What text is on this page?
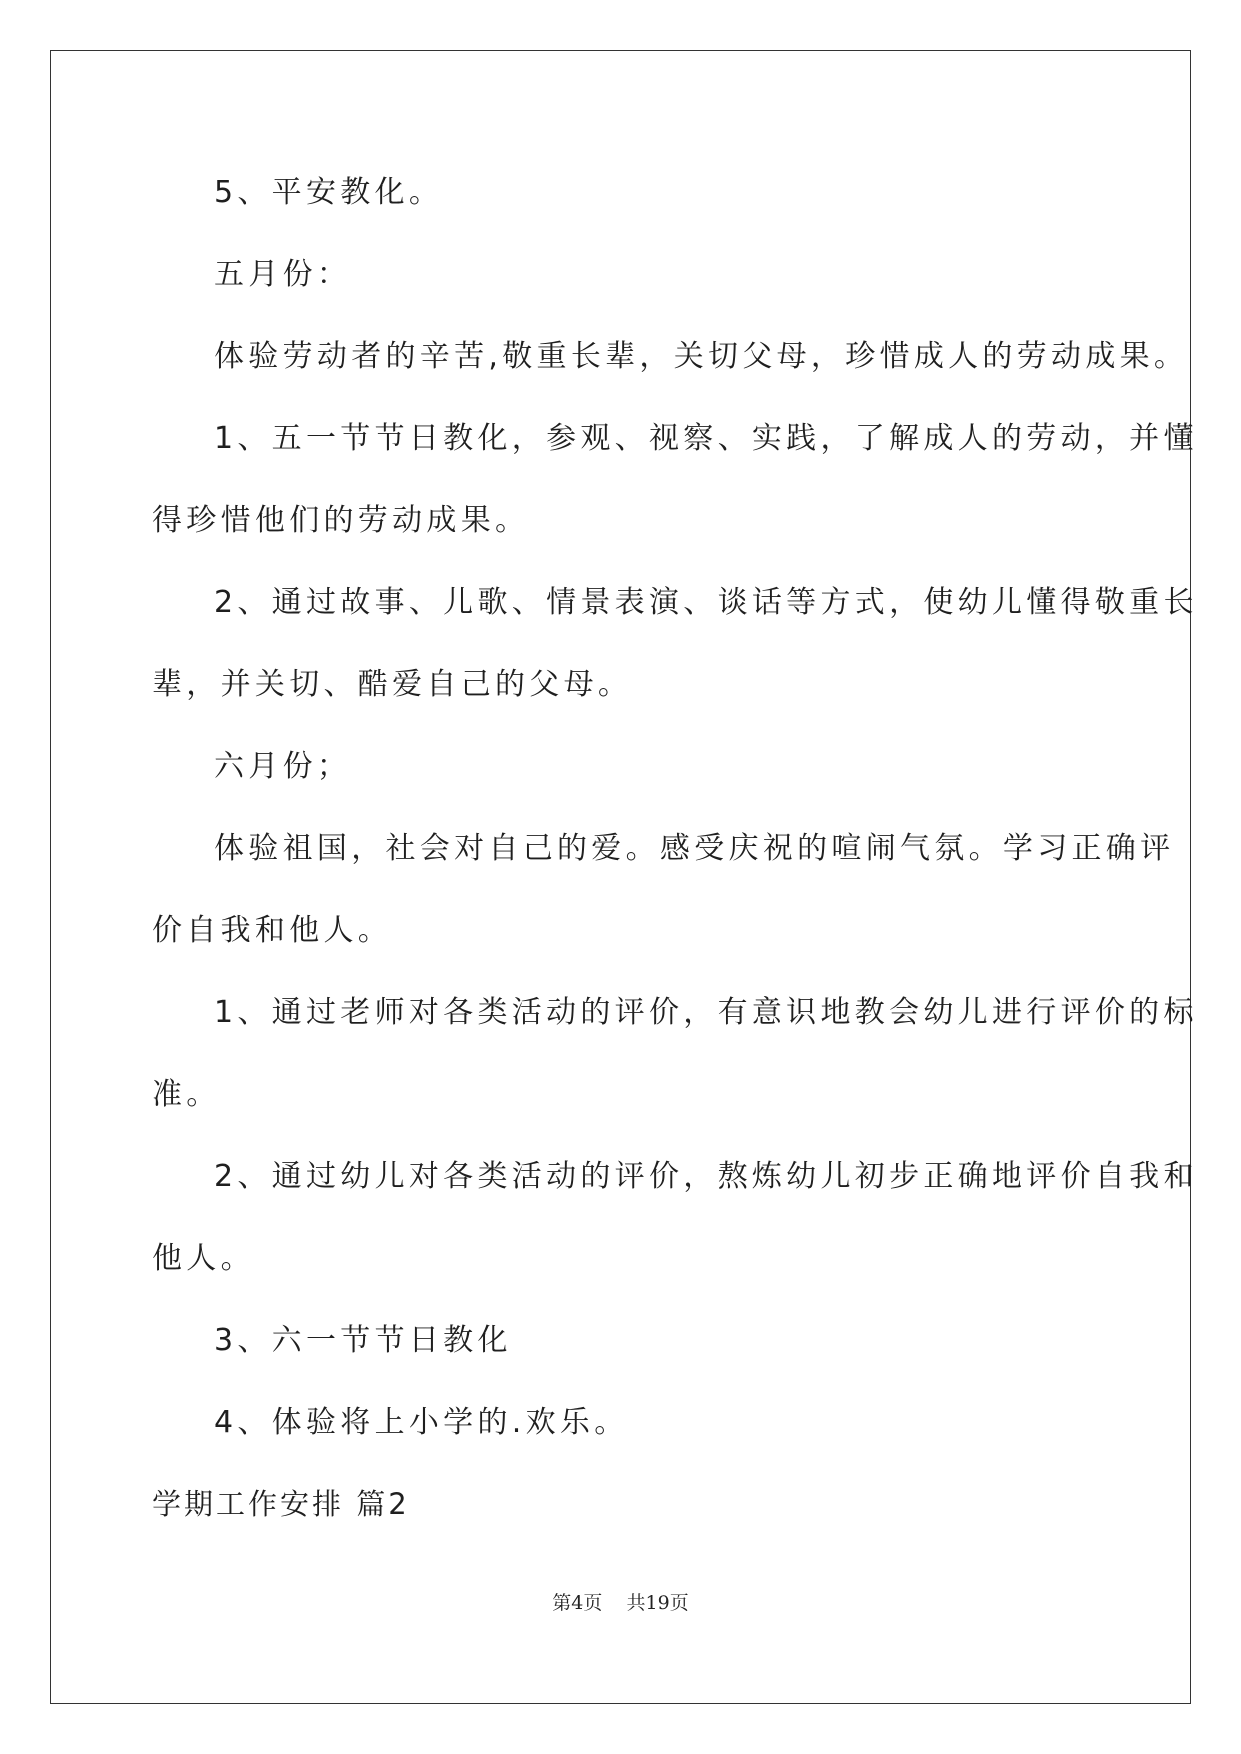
5、平安教化。
五月份：
体验劳动者的辛苦,敬重长辈，关切父母，珍惜成人的劳动成果。
1、五一节节日教化，参观、视察、实践，了解成人的劳动，并懂
得珍惜他们的劳动成果。
2、通过故事、儿歌、情景表演、谈话等方式，使幼儿懂得敬重长
辈，并关切、酷爱自己的父母。
六月份；
体验祖国，社会对自己的爱。感受庆祝的喧闹气氛。学习正确评
价自我和他人。
1、通过老师对各类活动的评价，有意识地教会幼儿进行评价的标
准。
2、通过幼儿对各类活动的评价，熬炼幼儿初步正确地评价自我和
他人。
3、六一节节日教化
4、体验将上小学的.欢乐。
学期工作安排 篇2
第4页 共19页
